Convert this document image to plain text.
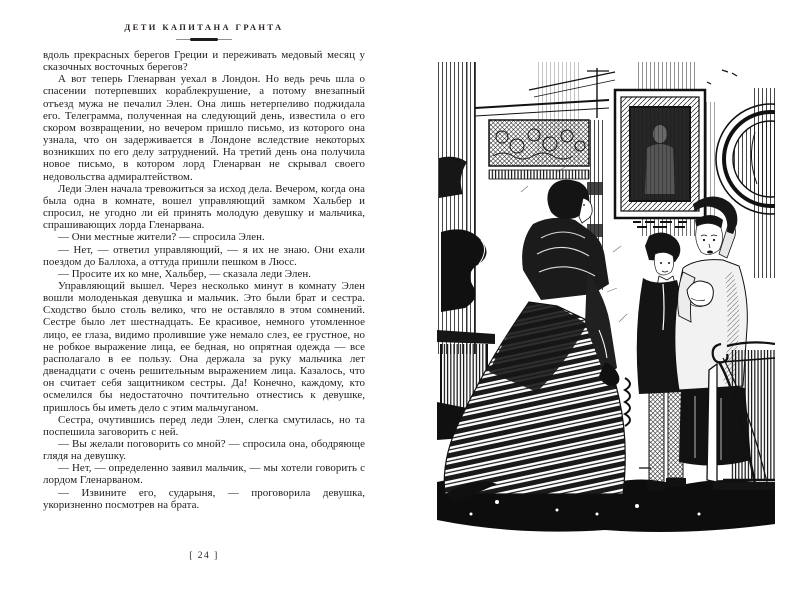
ДЕТИ КАПИТАНА ГРАНТА

вдоль прекрасных берегов Греции и переживать медовый месяц у сказочных восточных берегов?

А вот теперь Гленарван уехал в Лондон. Но ведь речь шла о спасении потерпевших кораблекрушение, а потому внезапный отъезд мужа не печалил Элен. Она лишь нетерпеливо поджидала его. Телеграмма, полученная на следующий день, известила о его скором возвращении, но вечером пришло письмо, из которого она узнала, что он задерживается в Лондоне вследствие некоторых возникших по его делу затруднений. На третий день она получила новое письмо, в котором лорд Гленарван не скрывал своего недовольства адмиралтейством.

Леди Элен начала тревожиться за исход дела. Вечером, когда она была одна в комнате, вошел управляющий замком Хальбер и спросил, не угодно ли ей принять молодую девушку и мальчика, спрашивающих лорда Гленарвана.

— Они местные жители? — спросила Элен.

— Нет, — ответил управляющий, — я их не знаю. Они ехали поездом до Баллоха, а оттуда пришли пешком в Люсс.

— Просите их ко мне, Хальбер, — сказала леди Элен.

Управляющий вышел. Через несколько минут в комнату Элен вошли молоденькая девушка и мальчик. Это были брат и сестра. Сходство было столь велико, что не оставляло в этом сомнений. Сестре было лет шестнадцать. Ее красивое, немного утомленное лицо, ее глаза, видимо пролившие уже немало слез, ее грустное, но не робкое выражение лица, ее бедная, но опрятная одежда — все располагало в ее пользу. Она держала за руку мальчика лет двенадцати с очень решительным выражением лица. Казалось, что он считает себя защитником сестры. Да! Конечно, каждому, кто осмелился бы недостаточно почтительно отнестись к девушке, пришлось бы иметь дело с этим мальчуганом.

Сестра, очутившись перед леди Элен, слегка смутилась, но та поспешила заговорить с ней.

— Вы желали поговорить со мной? — спросила она, ободряюще глядя на девушку.

— Нет, — определенно заявил мальчик, — мы хотели говорить с лордом Гленарваном.

— Извините его, сударыня, — проговорила девушка, укоризненно посмотрев на брата.

[ 24 ]
